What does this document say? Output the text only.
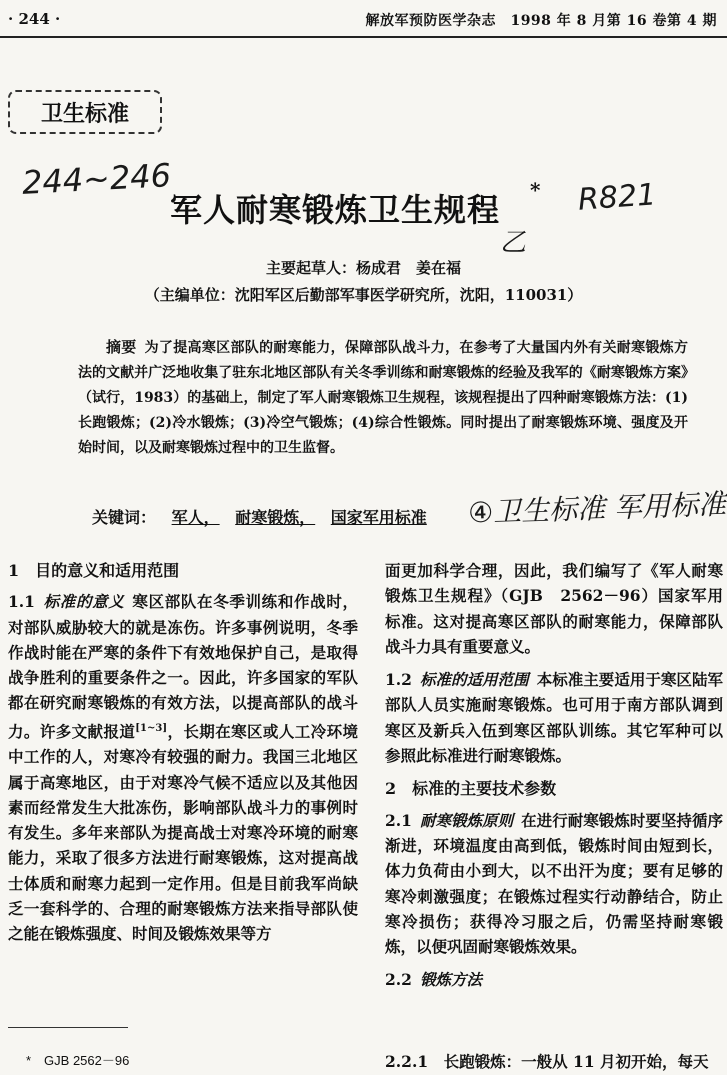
· 244 ·	解放军预防医学杂志　1998 年 8 月第 16 卷第 4 期
卫生标准
244~246
军人耐寒锻炼卫生规程
* R821
乙
主要起草人：杨成君　姜在福
（主编单位：沈阳军区后勤部军事医学研究所，沈阳，110031）
摘要 为了提高寒区部队的耐寒能力，保障部队战斗力，在参考了大量国内外有关耐寒锻炼方法的文献并广泛地收集了驻东北地区部队有关冬季训练和耐寒锻炼的经验及我军的《耐寒锻炼方案》（试行，1983）的基础上，制定了军人耐寒锻炼卫生规程，该规程提出了四种耐寒锻炼方法：(1)长跑锻炼；(2)冷水锻炼；(3)冷空气锻炼；(4)综合性锻炼。同时提出了耐寒锻炼环境、强度及开始时间，以及耐寒锻炼过程中的卫生监督。
关键词： 军人， 耐寒锻炼， 国家军用标准 ④卫生标准 军用标准
1　目的意义和适用范围

1.1 标准的意义 寒区部队在冬季训练和作战时，对部队威胁较大的就是冻伤。许多事例说明，冬季作战时能在严寒的条件下有效地保护自己，是取得战争胜利的重要条件之一。因此，许多国家的军队都在研究耐寒锻炼的有效方法，以提高部队的战斗力。许多文献报道[1~3]，长期在寒区或人工冷环境中工作的人，对寒冷有较强的耐力。我国三北地区属于高寒地区，由于对寒冷气候不适应以及其他因素而经常发生大批冻伤，影响部队战斗力的事例时有发生。多年来部队为提高战士对寒冷环境的耐寒能力，采取了很多方法进行耐寒锻炼，这对提高战士体质和耐寒力起到一定作用。但是目前我军尚缺乏一套科学的、合理的耐寒锻炼方法来指导部队使之能在锻炼强度、时间及锻炼效果等方

面更加科学合理，因此，我们编写了《军人耐寒锻炼卫生规程》（GJB　2562－96）国家军用标准。这对提高寒区部队的耐寒能力，保障部队战斗力具有重要意义。

1.2 标准的适用范围 本标准主要适用于寒区陆军部队人员实施耐寒锻炼。也可用于南方部队调到寒区及新兵入伍到寒区部队训练。其它军种可以参照此标准进行耐寒锻炼。

2　标准的主要技术参数

2.1 耐寒锻炼原则 在进行耐寒锻炼时要坚持循序渐进，环境温度由高到低，锻炼时间由短到长，体力负荷由小到大，以不出汗为度；要有足够的寒冷刺激强度；在锻炼过程实行动静结合，防止寒冷损伤；获得冷习服之后，仍需坚持耐寒锻炼，以便巩固耐寒锻炼效果。

2.2 锻炼方法

*　GJB 2562－96	2.2.1　长跑锻炼：一般从 11 月初开始，每天
